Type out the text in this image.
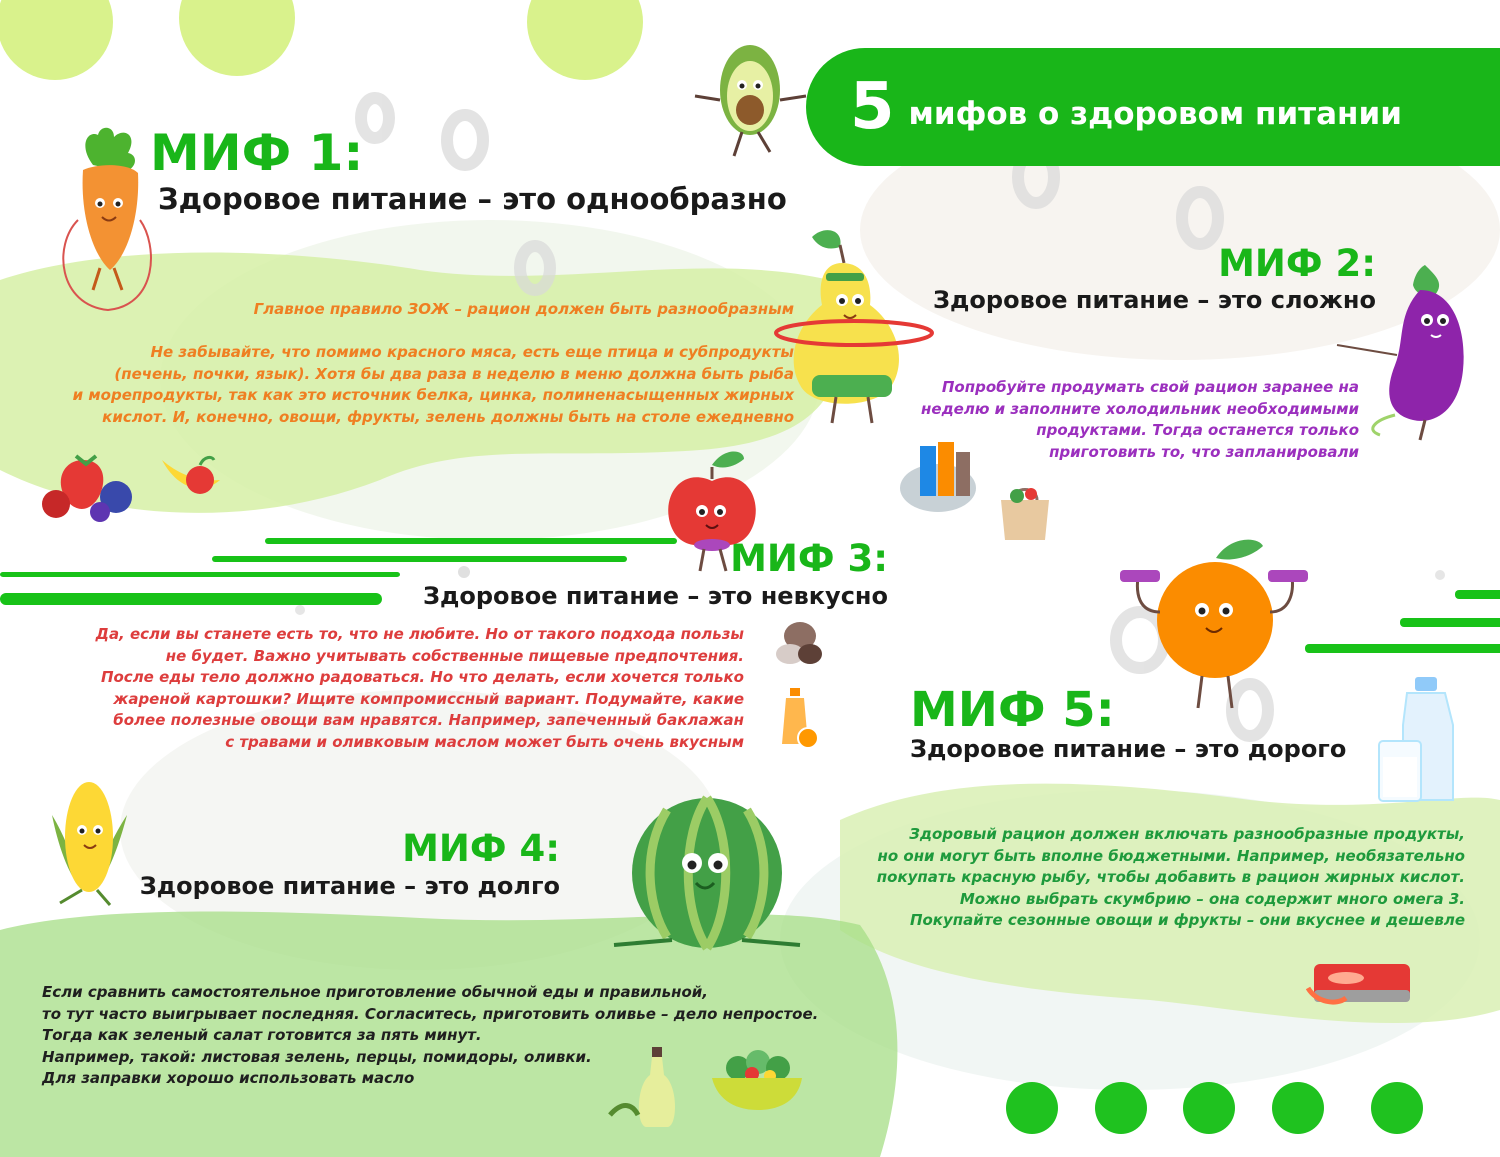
5 мифов о здоровом питании
МИФ 1:
Здоровое питание – это однообразно

Главное правило ЗОЖ – рацион должен быть разнообразным

Не забывайте, что помимо красного мяса, есть еще птица и субпродукты
(печень, почки, язык). Хотя бы два раза в неделю в меню должна быть рыба
и морепродукты, так как это источник белка, цинка, полиненасыщенных жирных
кислот. И, конечно, овощи, фрукты, зелень должны быть на столе ежедневно

МИФ 2:
Здоровое питание – это сложно

Попробуйте продумать свой рацион заранее на
неделю и заполните холодильник необходимыми
продуктами. Тогда останется только
приготовить то, что запланировали

МИФ 3:
Здоровое питание – это невкусно

Да, если вы станете есть то, что не любите. Но от такого подхода пользы
не будет. Важно учитывать собственные пищевые предпочтения.
После еды тело должно радоваться. Но что делать, если хочется только
жареной картошки? Ищите компромиссный вариант. Подумайте, какие
более полезные овощи вам нравятся. Например, запеченный баклажан
с травами и оливковым маслом может быть очень вкусным

МИФ 4:
Здоровое питание – это долго

Если сравнить самостоятельное приготовление обычной еды и правильной,
то тут часто выигрывает последняя. Согласитесь, приготовить оливье – дело непростое.
Тогда как зеленый салат готовится за пять минут.
Например, такой: листовая зелень, перцы, помидоры, оливки.
Для заправки хорошо использовать масло

МИФ 5:
Здоровое питание – это дорого

Здоровый рацион должен включать разнообразные продукты,
но они могут быть вполне бюджетными. Например, необязательно
покупать красную рыбу, чтобы добавить в рацион жирных кислот.
Можно выбрать скумбрию – она содержит много омега 3.
Покупайте сезонные овощи и фрукты – они вкуснее и дешевле
